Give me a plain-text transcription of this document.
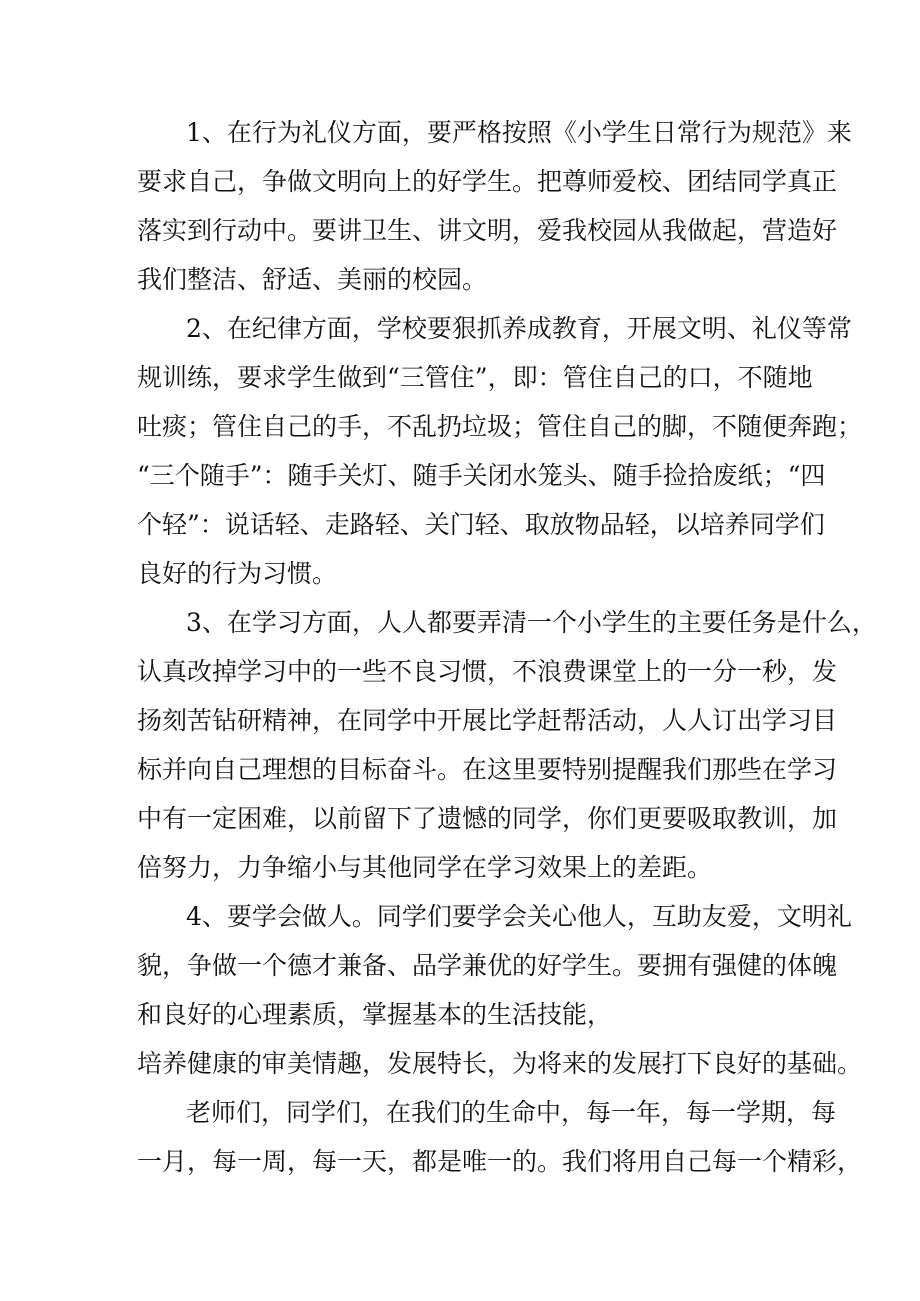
1、在行为礼仪方面，要严格按照《小学生日常行为规范》来
要求自己，争做文明向上的好学生。把尊师爱校、团结同学真正
落实到行动中。要讲卫生、讲文明，爱我校园从我做起，营造好
我们整洁、舒适、美丽的校园。
2、在纪律方面，学校要狠抓养成教育，开展文明、礼仪等常
规训练，要求学生做到“三管住”，即：管住自己的口，不随地
吐痰；管住自己的手，不乱扔垃圾；管住自己的脚，不随便奔跑；
“三个随手”：随手关灯、随手关闭水笼头、随手捡拾废纸；“四
个轻”：说话轻、走路轻、关门轻、取放物品轻，以培养同学们
良好的行为习惯。
3、在学习方面，人人都要弄清一个小学生的主要任务是什么，
认真改掉学习中的一些不良习惯，不浪费课堂上的一分一秒，发
扬刻苦钻研精神，在同学中开展比学赶帮活动，人人订出学习目
标并向自己理想的目标奋斗。在这里要特别提醒我们那些在学习
中有一定困难，以前留下了遗憾的同学，你们更要吸取教训，加
倍努力，力争缩小与其他同学在学习效果上的差距。
4、要学会做人。同学们要学会关心他人，互助友爱，文明礼
貌，争做一个德才兼备、品学兼优的好学生。要拥有强健的体魄
和良好的心理素质，掌握基本的生活技能，
培养健康的审美情趣，发展特长，为将来的发展打下良好的基础。
老师们，同学们，在我们的生命中，每一年，每一学期，每
一月，每一周，每一天，都是唯一的。我们将用自己每一个精彩，
